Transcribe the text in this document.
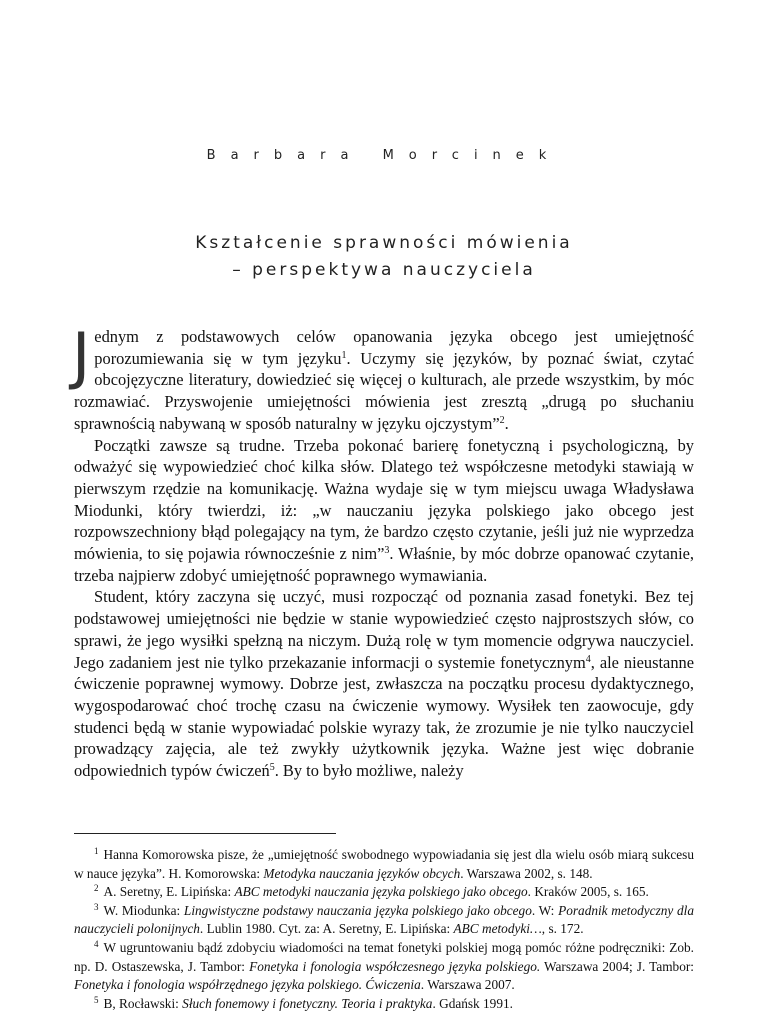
Barbara Morcinek
Kształcenie sprawności mówienia
– perspektywa nauczyciela

Jednym z podstawowych celów opanowania języka obcego jest umiejętność porozumiewania się w tym języku$^1$. Uczymy się języków, by poznać świat, czytać obcojęzyczne literatury, dowiedzieć się więcej o kulturach, ale przede wszystkim, by móc rozmawiać. Przyswojenie umiejętności mówienia jest zresztą „drugą po słuchaniu sprawnością nabywaną w sposób naturalny w języku ojczystym”$^2$.

Początki zawsze są trudne. Trzeba pokonać barierę fonetyczną i psychologiczną, by odważyć się wypowiedzieć choć kilka słów. Dlatego też współczesne metodyki stawiają w pierwszym rzędzie na komunikację. Ważna wydaje się w tym miejscu uwaga Władysława Miodunki, który twierdzi, iż: „w nauczaniu języka polskiego jako obcego jest rozpowszechniony błąd polegający na tym, że bardzo często czytanie, jeśli już nie wyprzedza mówienia, to się pojawia równocześnie z nim”$^3$. Właśnie, by móc dobrze opanować czytanie, trzeba najpierw zdobyć umiejętność poprawnego wymawiania.

Student, który zaczyna się uczyć, musi rozpocząć od poznania zasad fonetyki. Bez tej podstawowej umiejętności nie będzie w stanie wypowiedzieć często najprostszych słów, co sprawi, że jego wysiłki spełzną na niczym. Dużą rolę w tym momencie odgrywa nauczyciel. Jego zadaniem jest nie tylko przekazanie informacji o systemie fonetycznym$^4$, ale nieustanne ćwiczenie poprawnej wymowy. Dobrze jest, zwłaszcza na początku procesu dydaktycznego, wygospodarować choć trochę czasu na ćwiczenie wymowy. Wysiłek ten zaowocuje, gdy studenci będą w stanie wypowiadać polskie wyrazy tak, że zrozumie je nie tylko nauczyciel prowadzący zajęcia, ale też zwykły użytkownik języka. Ważne jest więc dobranie odpowiednich typów ćwiczeń$^5$. By to było możliwe, należy

$^1$ Hanna Komorowska pisze, że „umiejętność swobodnego wypowiadania się jest dla wielu osób miarą sukcesu w nauce języka”. H. Komorowska: Metodyka nauczania języków obcych. Warszawa 2002, s. 148.

$^2$ A. Seretny, E. Lipińska: ABC metodyki nauczania języka polskiego jako obcego. Kraków 2005, s. 165.

$^3$ W. Miodunka: Lingwistyczne podstawy nauczania języka polskiego jako obcego. W: Poradnik metodyczny dla nauczycieli polonijnych. Lublin 1980. Cyt. za: A. Seretny, E. Lipińska: ABC metodyki…, s. 172.

$^4$ W ugruntowaniu bądź zdobyciu wiadomości na temat fonetyki polskiej mogą pomóc różne podręczniki: Zob. np. D. Ostaszewska, J. Tambor: Fonetyka i fonologia współczesnego języka polskiego. Warszawa 2004; J. Tambor: Fonetyka i fonologia współrzędnego języka polskiego. Ćwiczenia. Warszawa 2007.

$^5$ B, Rocławski: Słuch fonemowy i fonetyczny. Teoria i praktyka. Gdańsk 1991.
